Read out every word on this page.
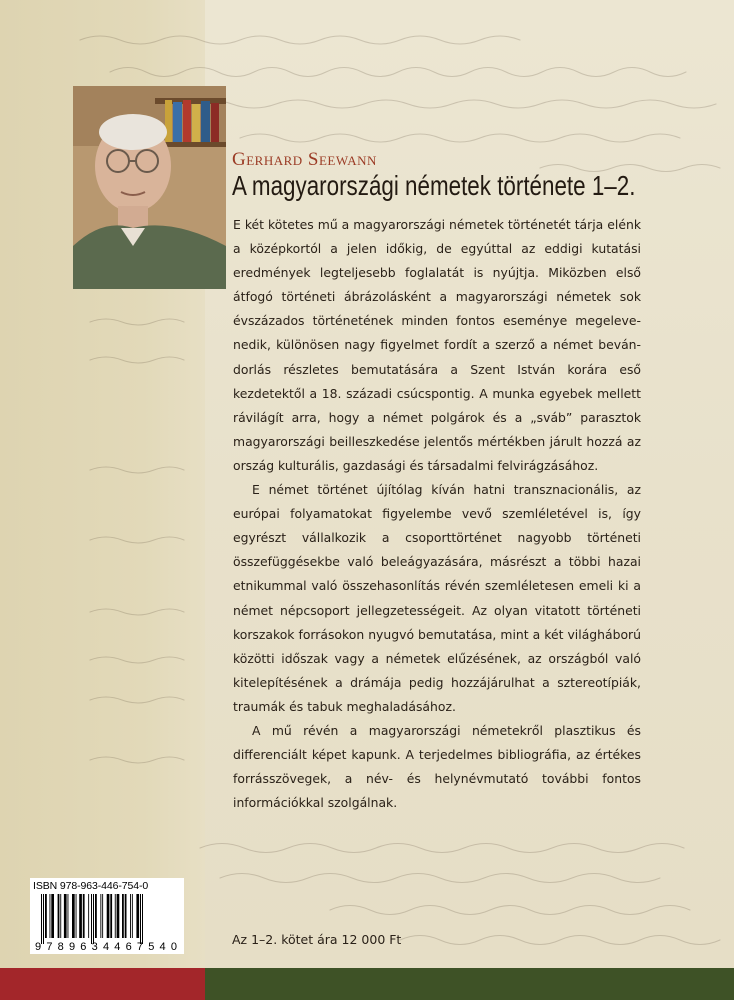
Gerhard Seewann
A magyarországi németek története 1–2.

E két kötetes mű a magyarországi németek történetét tárja elénk a középkortól a jelen időkig, de egyúttal az eddigi kutatási eredmények legteljesebb foglalatát is nyújtja. Miközben első átfogó történeti ábrázolásként a magyarországi németek sok évszázados történetének minden fontos eseménye megelevenedik, különösen nagy figyelmet fordít a szerző a német bevándorlás részletes bemutatására a Szent István korára eső kezdetektől a 18. századi csúcspontig. A munka egyebek mellett rávilágít arra, hogy a német polgárok és a „sváb” parasztok magyarországi beilleszkedése jelentős mértékben járult hozzá az ország kulturális, gazdasági és társadalmi felvirágzásához.

E német történet újítólag kíván hatni transznacionális, az európai folyamatokat figyelembe vevő szemléletével is, így egyrészt vállalkozik a csoporttörténet nagyobb történeti összefüggésekbe való beleágyazására, másrészt a többi hazai etnikummal való összehasonlítás révén szemléletesen emeli ki a német népcsoport jellegzetességeit. Az olyan vitatott történeti korszakok forrásokon nyugvó bemutatása, mint a két világháború közötti időszak vagy a németek elűzésének, az országból való kitelepítésének a drámája pedig hozzájárulhat a sztereotípiák, traumák és tabuk meghaladásához.

A mű révén a magyarországi németekről plasztikus és differenciált képet kapunk. A terjedelmes bibliográfia, az értékes forrásszövegek, a név- és helynévmutató további fontos információkkal szolgálnak.

ISBN 978-963-446-754-0
9789634467540	Az 1–2. kötet ára 12 000 Ft
